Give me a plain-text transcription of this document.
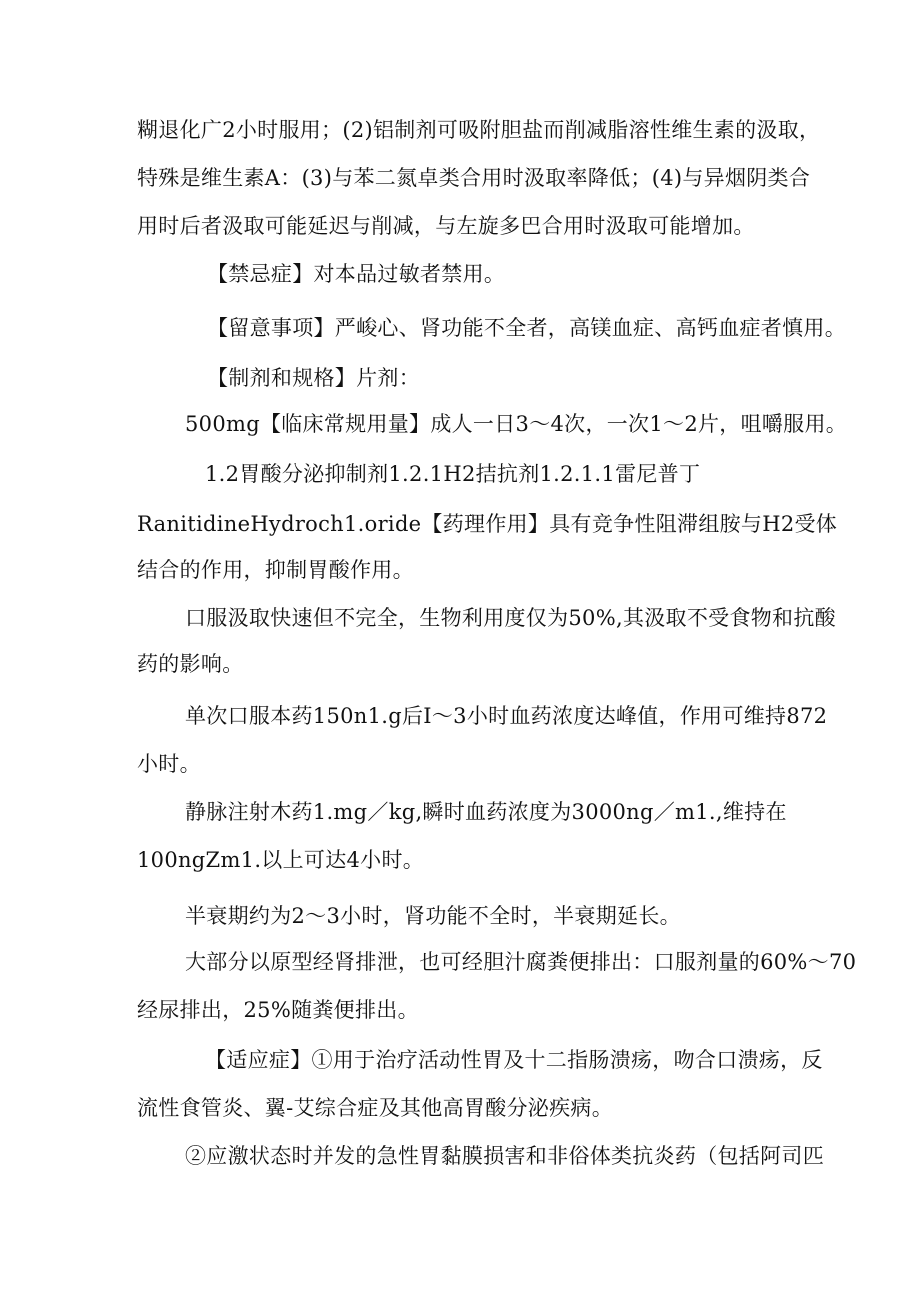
糊退化广2小时服用；(2)铝制剂可吸附胆盐而削减脂溶性维生素的汲取，
特殊是维生素A：(3)与苯二氮卓类合用时汲取率降低；(4)与异烟阴类合
用时后者汲取可能延迟与削减，与左旋多巴合用时汲取可能增加。
【禁忌症】对本品过敏者禁用。
【留意事项】严峻心、肾功能不全者，高镁血症、高钙血症者慎用。
【制剂和规格】片剂：
500mg【临床常规用量】成人一日3～4次，一次1～2片，咀嚼服用。
1.2胃酸分泌抑制剂1.2.1H2拮抗剂1.2.1.1雷尼普丁
RanitidineHydroch1.oride【药理作用】具有竞争性阻滞组胺与H2受体
结合的作用，抑制胃酸作用。
口服汲取快速但不完全，生物利用度仅为50%,其汲取不受食物和抗酸
药的影响。
单次口服本药150n1.g后I～3小时血药浓度达峰值，作用可维持872
小时。
静脉注射木药1.mg／kg,瞬时血药浓度为3000ng／m1.,维持在
100ngZm1.以上可达4小时。
半衰期约为2～3小时，肾功能不全时，半衰期延长。
大部分以原型经肾排泄，也可经胆汁腐粪便排出：口服剂量的60%～70
经尿排出，25%随粪便排出。
【适应症】①用于治疗活动性胃及十二指肠溃疡，吻合口溃疡，反
流性食管炎、翼-艾综合症及其他高胃酸分泌疾病。
②应激状态时并发的急性胃黏膜损害和非俗体类抗炎药（包括阿司匹
